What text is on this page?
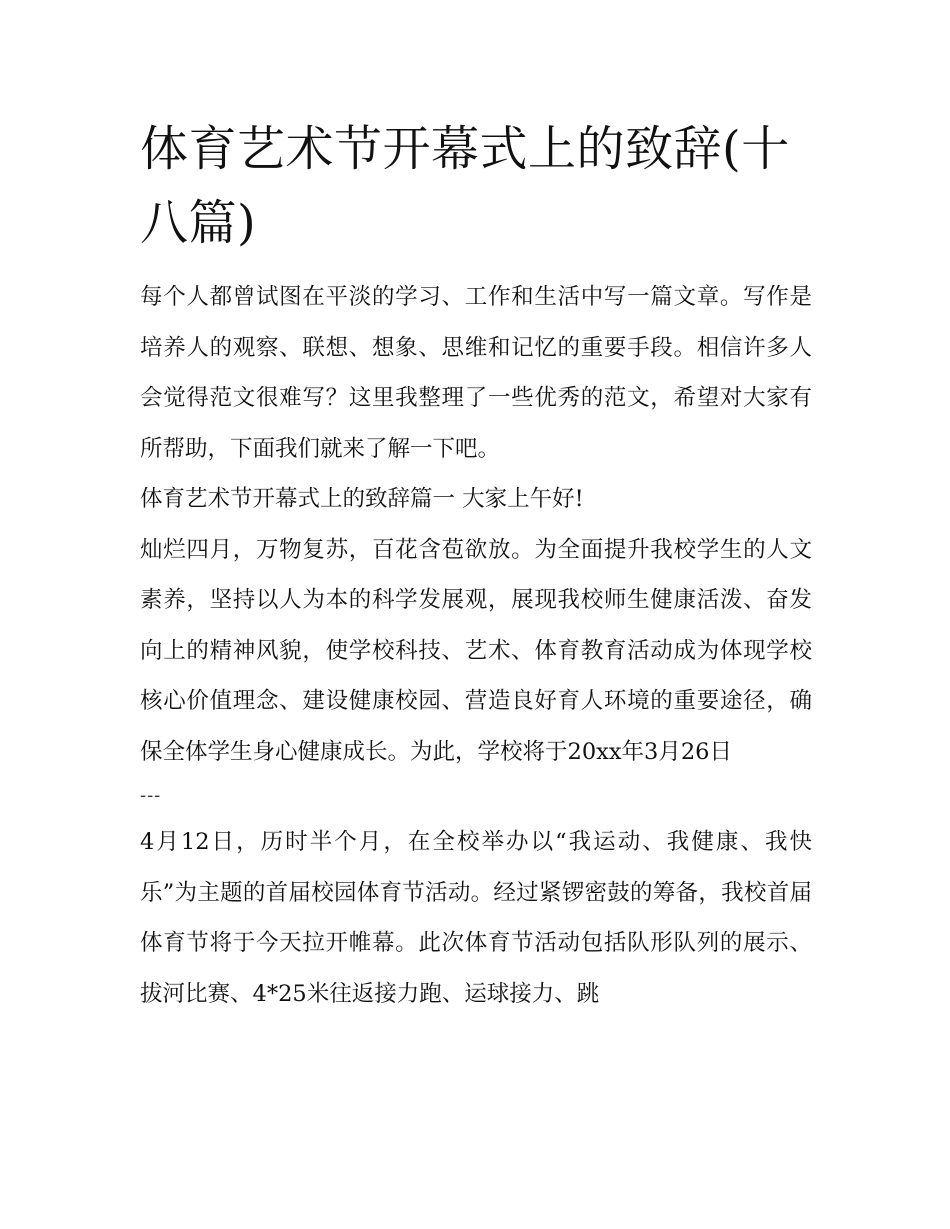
体育艺术节开幕式上的致辞(十八篇)

每个人都曾试图在平淡的学习、工作和生活中写一篇文章。写作是培养人的观察、联想、想象、思维和记忆的重要手段。相信许多人会觉得范文很难写？这里我整理了一些优秀的范文，希望对大家有所帮助，下面我们就来了解一下吧。

体育艺术节开幕式上的致辞篇一 大家上午好!

灿烂四月，万物复苏，百花含苞欲放。为全面提升我校学生的人文素养，坚持以人为本的科学发展观，展现我校师生健康活泼、奋发向上的精神风貌，使学校科技、艺术、体育教育活动成为体现学校核心价值理念、建设健康校园、营造良好育人环境的重要途径，确保全体学生身心健康成长。为此，学校将于20xx年3月26日

---

4月12日，历时半个月，在全校举办以“我运动、我健康、我快乐”为主题的首届校园体育节活动。经过紧锣密鼓的筹备，我校首届体育节将于今天拉开帷幕。此次体育节活动包括队形队列的展示、拔河比赛、4*25米往返接力跑、运球接力、跳
